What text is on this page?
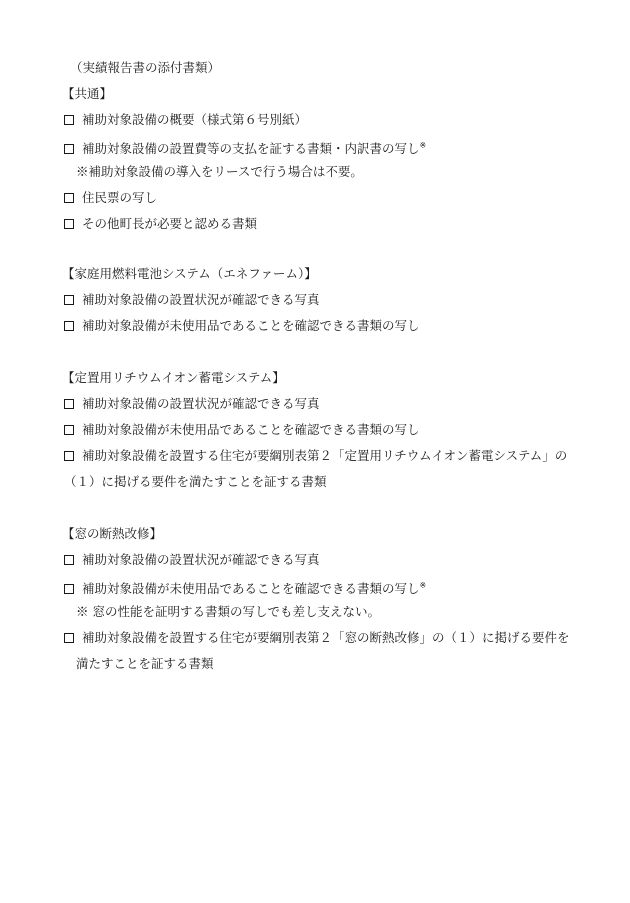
（実績報告書の添付書類）
【共通】
補助対象設備の概要（様式第６号別紙）
補助対象設備の設置費等の支払を証する書類・内訳書の写し※
※補助対象設備の導入をリースで行う場合は不要。
住民票の写し
その他町長が必要と認める書類
【家庭用燃料電池システム（エネファーム）】
補助対象設備の設置状況が確認できる写真
補助対象設備が未使用品であることを確認できる書類の写し
【定置用リチウムイオン蓄電システム】
補助対象設備の設置状況が確認できる写真
補助対象設備が未使用品であることを確認できる書類の写し
補助対象設備を設置する住宅が要綱別表第２「定置用リチウムイオン蓄電システム」の
（１）に掲げる要件を満たすことを証する書類
【窓の断熱改修】
補助対象設備の設置状況が確認できる写真
補助対象設備が未使用品であることを確認できる書類の写し※
※ 窓の性能を証明する書類の写しでも差し支えない。
補助対象設備を設置する住宅が要綱別表第２「窓の断熱改修」の（１）に掲げる要件を
満たすことを証する書類
